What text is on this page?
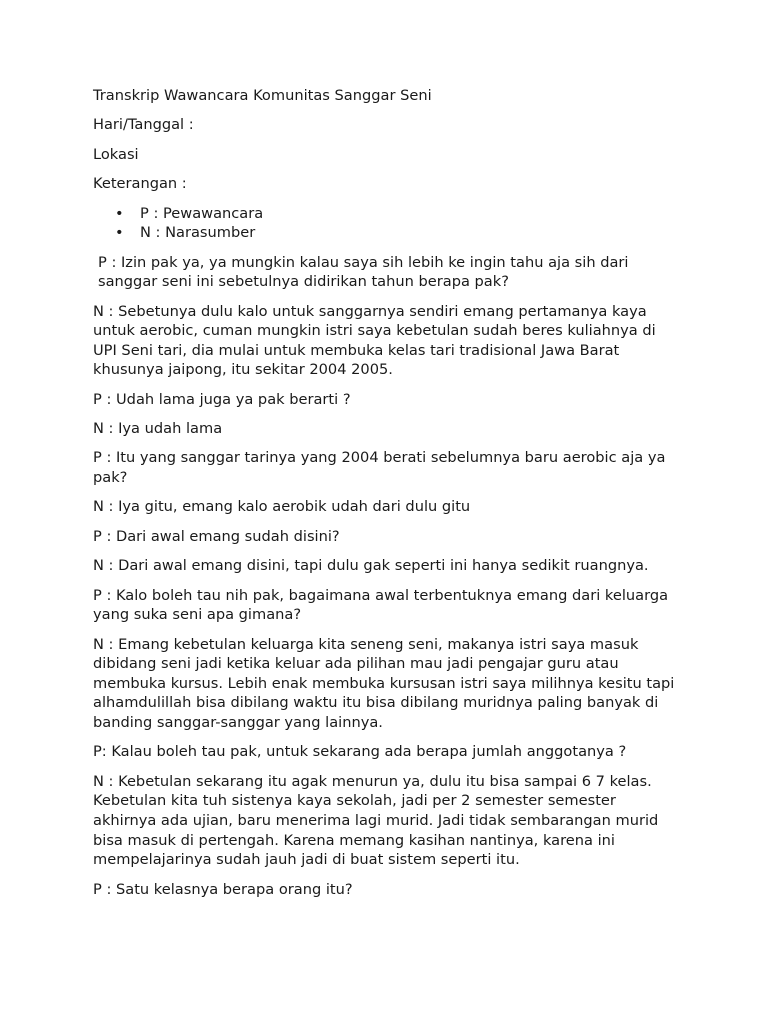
Transkrip Wawancara Komunitas Sanggar Seni

Hari/Tanggal :

Lokasi

Keterangan :

• P : Pewawancara
• N : Narasumber

P : Izin pak ya, ya mungkin kalau saya sih lebih ke ingin tahu aja sih dari sanggar seni ini sebetulnya didirikan tahun berapa pak?

N : Sebetunya dulu kalo untuk sanggarnya sendiri emang pertamanya kaya untuk aerobic, cuman mungkin istri saya kebetulan sudah beres kuliahnya di UPI Seni tari, dia mulai untuk membuka kelas tari tradisional Jawa Barat khusunya jaipong, itu sekitar 2004 2005.

P : Udah lama juga ya pak berarti ?

N : Iya udah lama

P : Itu yang sanggar tarinya yang 2004 berati sebelumnya baru aerobic aja ya pak?

N : Iya gitu, emang kalo aerobik udah dari dulu gitu

P : Dari awal emang sudah disini?

N : Dari awal emang disini, tapi dulu gak seperti ini hanya sedikit ruangnya.

P : Kalo boleh tau nih pak, bagaimana awal terbentuknya emang dari keluarga yang suka seni apa gimana?

N : Emang kebetulan keluarga kita seneng seni, makanya istri saya masuk dibidang seni jadi ketika keluar ada pilihan mau jadi pengajar guru atau membuka kursus. Lebih enak membuka kursusan istri saya milihnya kesitu tapi alhamdulillah bisa dibilang waktu itu bisa dibilang muridnya paling banyak di banding sanggar-sanggar yang lainnya.

P: Kalau boleh tau pak, untuk sekarang ada berapa jumlah anggotanya ?

N : Kebetulan sekarang itu agak menurun ya, dulu itu bisa sampai 6 7 kelas. Kebetulan kita tuh sistenya kaya sekolah, jadi per 2 semester semester akhirnya ada ujian, baru menerima lagi murid. Jadi tidak sembarangan murid bisa masuk di pertengah. Karena memang kasihan nantinya, karena ini mempelajarinya sudah jauh jadi di buat sistem seperti itu.

P : Satu kelasnya berapa orang itu?
